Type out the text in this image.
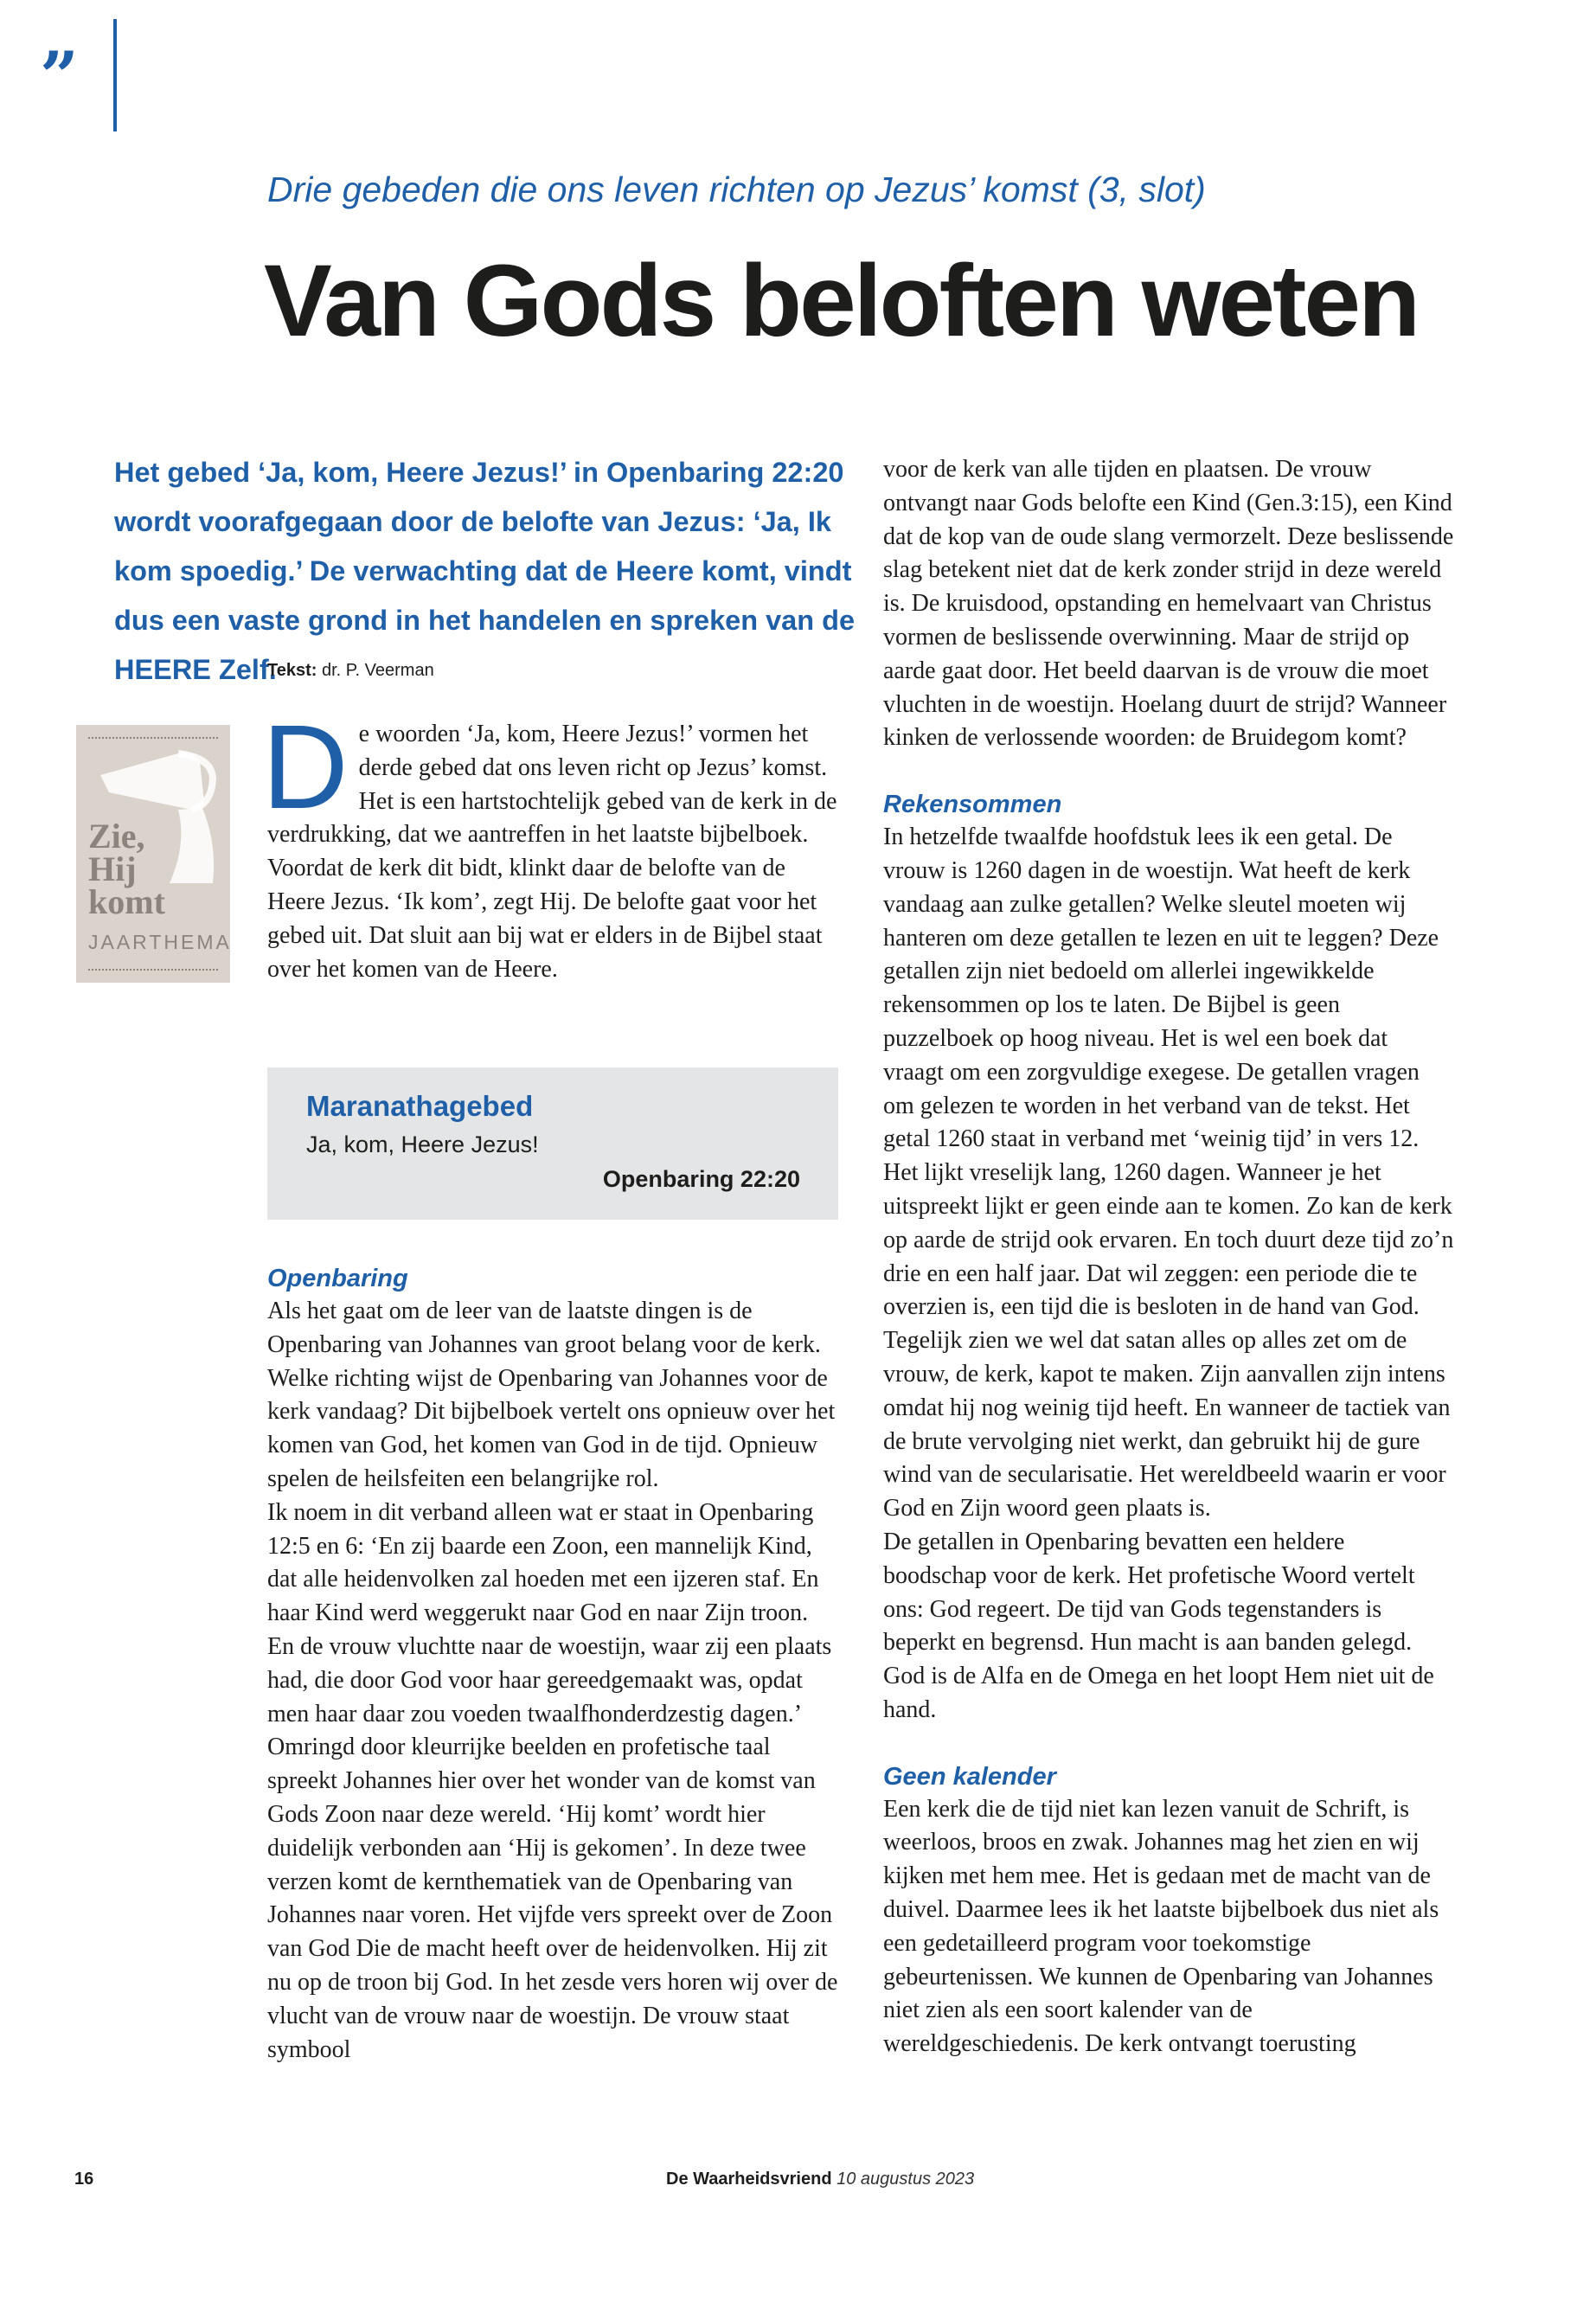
”
Drie gebeden die ons leven richten op Jezus’ komst (3, slot)
Van Gods beloften weten
Het gebed ‘Ja, kom, Heere Jezus!’ in Openbaring 22:20 wordt voorafgegaan door de belofte van Jezus: ‘Ja, Ik kom spoedig.’ De verwachting dat de Heere komt, vindt dus een vaste grond in het handelen en spreken van de HEERE Zelf.
Tekst: dr. P. Veerman
Zie,
Hij
komt
JAARTHEMA

De woorden ‘Ja, kom, Heere Jezus!’ vormen het derde gebed dat ons leven richt op Jezus’ komst. Het is een hartstochtelijk gebed van de kerk in de verdrukking, dat we aantreffen in het laatste bijbelboek. Voordat de kerk dit bidt, klinkt daar de belofte van de Heere Jezus. ‘Ik kom’, zegt Hij. De belofte gaat voor het gebed uit. Dat sluit aan bij wat er elders in de Bijbel staat over het komen van de Heere.

Maranathagebed
Ja, kom, Heere Jezus!
Openbaring 22:20
Openbaring

Als het gaat om de leer van de laatste dingen is de Openbaring van Johannes van groot belang voor de kerk. Welke richting wijst de Openbaring van Johannes voor de kerk vandaag? Dit bijbelboek vertelt ons opnieuw over het komen van God, het komen van God in de tijd. Opnieuw spelen de heilsfeiten een belangrijke rol.

Ik noem in dit verband alleen wat er staat in Openbaring 12:5 en 6: ‘En zij baarde een Zoon, een mannelijk Kind, dat alle heidenvolken zal hoeden met een ijzeren staf. En haar Kind werd weggerukt naar God en naar Zijn troon. En de vrouw vluchtte naar de woestijn, waar zij een plaats had, die door God voor haar gereedgemaakt was, opdat men haar daar zou voeden twaalfhonderdzestig dagen.’

Omringd door kleurrijke beelden en profetische taal spreekt Johannes hier over het wonder van de komst van Gods Zoon naar deze wereld. ‘Hij komt’ wordt hier duidelijk verbonden aan ‘Hij is gekomen’. In deze twee verzen komt de kernthematiek van de Openbaring van Johannes naar voren. Het vijfde vers spreekt over de Zoon van God Die de macht heeft over de heidenvolken. Hij zit nu op de troon bij God. In het zesde vers horen wij over de vlucht van de vrouw naar de woestijn. De vrouw staat symbool

voor de kerk van alle tijden en plaatsen. De vrouw ontvangt naar Gods belofte een Kind (Gen.3:15), een Kind dat de kop van de oude slang vermorzelt. Deze beslissende slag betekent niet dat de kerk zonder strijd in deze wereld is. De kruisdood, opstanding en hemelvaart van Christus vormen de beslissende overwinning. Maar de strijd op aarde gaat door. Het beeld daarvan is de vrouw die moet vluchten in de woestijn. Hoelang duurt de strijd? Wanneer kinken de verlossende woorden: de Bruidegom komt?

Rekensommen

In hetzelfde twaalfde hoofdstuk lees ik een getal. De vrouw is 1260 dagen in de woestijn. Wat heeft de kerk vandaag aan zulke getallen? Welke sleutel moeten wij hanteren om deze getallen te lezen en uit te leggen? Deze getallen zijn niet bedoeld om allerlei ingewikkelde rekensommen op los te laten. De Bijbel is geen puzzelboek op hoog niveau. Het is wel een boek dat vraagt om een zorgvuldige exegese. De getallen vragen om gelezen te worden in het verband van de tekst. Het getal 1260 staat in verband met ‘weinig tijd’ in vers 12. Het lijkt vreselijk lang, 1260 dagen. Wanneer je het uitspreekt lijkt er geen einde aan te komen. Zo kan de kerk op aarde de strijd ook ervaren. En toch duurt deze tijd zo’n drie en een half jaar. Dat wil zeggen: een periode die te overzien is, een tijd die is besloten in de hand van God. Tegelijk zien we wel dat satan alles op alles zet om de vrouw, de kerk, kapot te maken. Zijn aanvallen zijn intens omdat hij nog weinig tijd heeft. En wanneer de tactiek van de brute vervolging niet werkt, dan gebruikt hij de gure wind van de secularisatie. Het wereldbeeld waarin er voor God en Zijn woord geen plaats is.

De getallen in Openbaring bevatten een heldere boodschap voor de kerk. Het profetische Woord vertelt ons: God regeert. De tijd van Gods tegenstanders is beperkt en begrensd. Hun macht is aan banden gelegd. God is de Alfa en de Omega en het loopt Hem niet uit de hand.

Geen kalender

Een kerk die de tijd niet kan lezen vanuit de Schrift, is weerloos, broos en zwak. Johannes mag het zien en wij kijken met hem mee. Het is gedaan met de macht van de duivel. Daarmee lees ik het laatste bijbelboek dus niet als een gedetailleerd program voor toekomstige gebeurtenissen. We kunnen de Openbaring van Johannes niet zien als een soort kalender van de wereldgeschiedenis. De kerk ontvangt toerusting

16	De Waarheidsvriend 10 augustus 2023
